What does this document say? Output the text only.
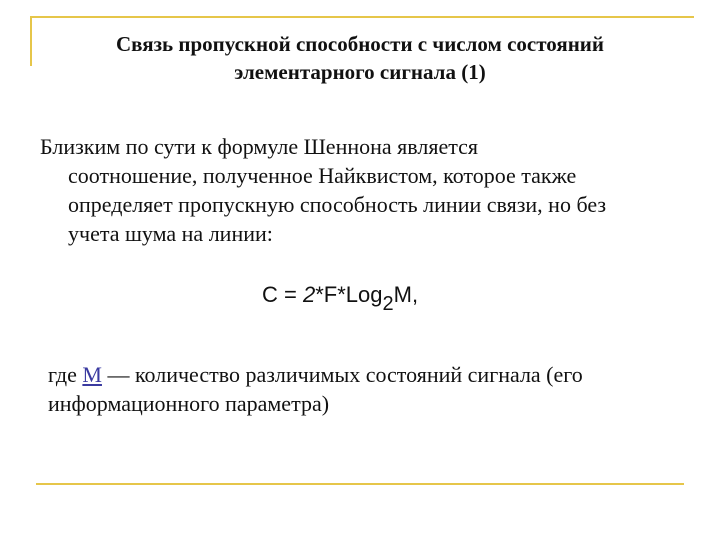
Связь пропускной способности с числом состояний
элементарного сигнала (1)
Близким по сути к формуле Шеннона является
соотношение, полученное Найквистом, которое также
определяет пропускную способность линии связи, но без
учета шума на линии:
C = 2*F*Log2M,
где M — количество различимых состояний сигнала (его
информационного параметра)
